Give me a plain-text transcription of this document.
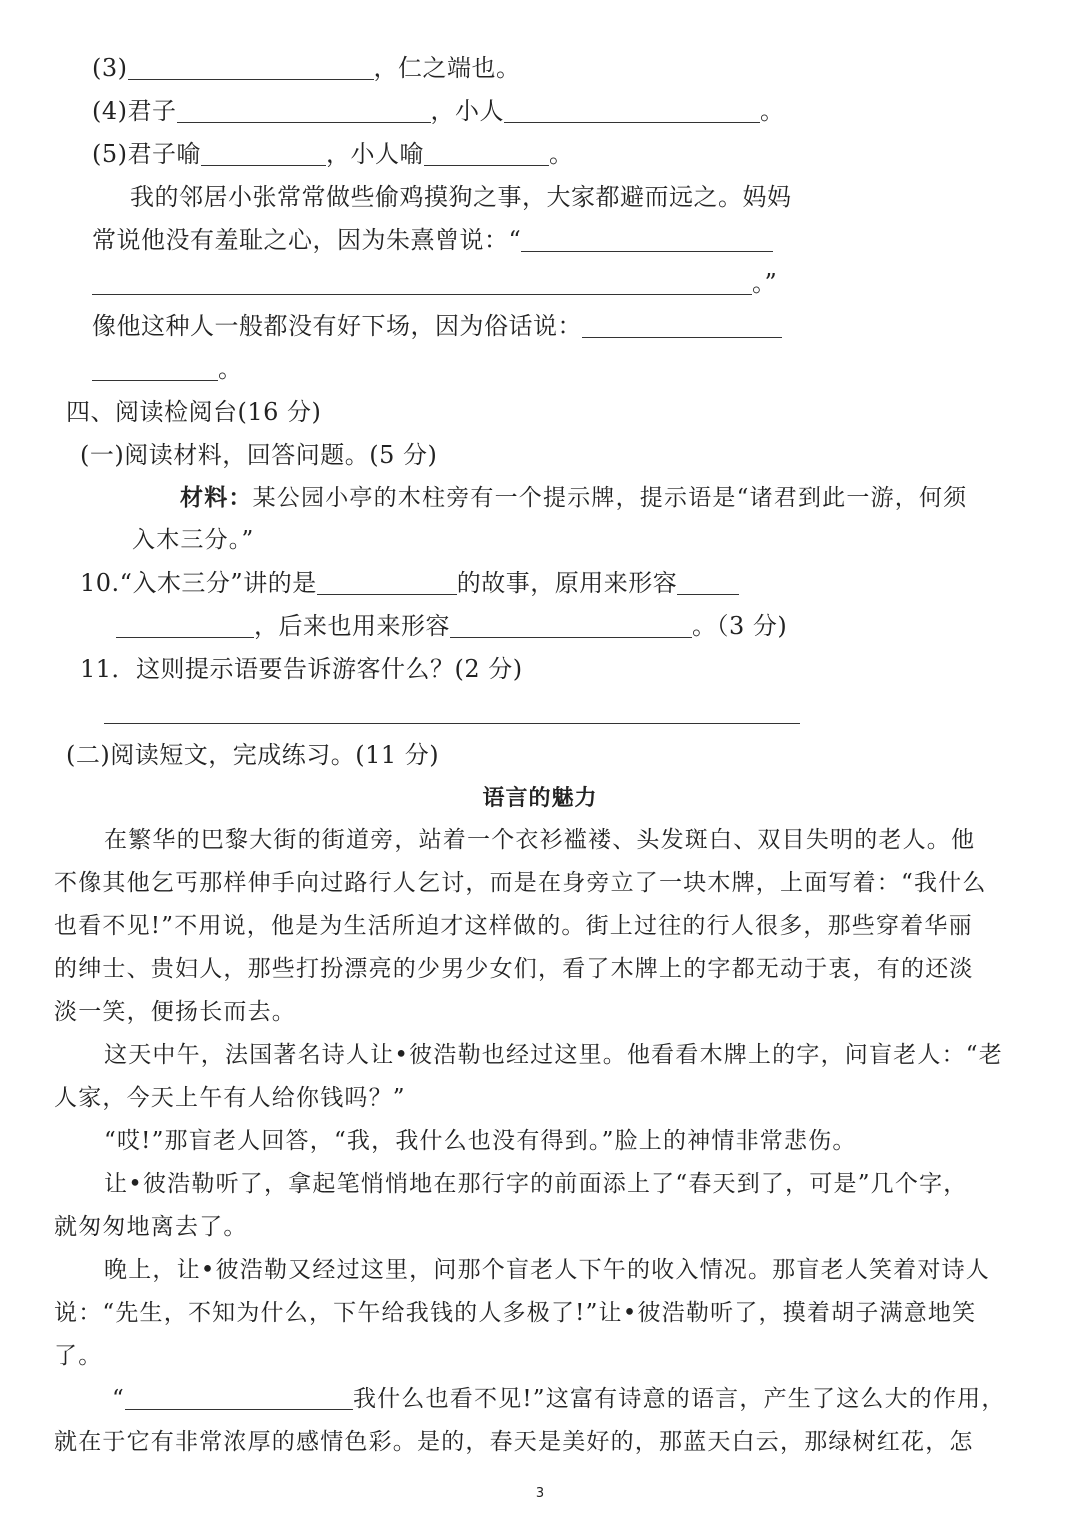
(3)	，仁之端也。
(4)君子	，小人	。
(5)君子喻	，小人喻	。
我的邻居小张常常做些偷鸡摸狗之事，大家都避而远之。妈妈
常说他没有羞耻之心，因为朱熹曾说：“
。”
像他这种人一般都没有好下场，因为俗话说：
。
四、阅读检阅台(16 分)
(一)阅读材料，回答问题。(5 分)
材料：某公园小亭的木柱旁有一个提示牌，提示语是“诸君到此一游，何须
入木三分。”
10.“入木三分”讲的是	的故事，原用来形容
，后来也用来形容	。（3 分)
11．这则提示语要告诉游客什么？(2 分)
(二)阅读短文，完成练习。(11 分)
语言的魅力
在繁华的巴黎大街的街道旁，站着一个衣衫褴褛、头发斑白、双目失明的老人。他
不像其他乞丐那样伸手向过路行人乞讨，而是在身旁立了一块木牌，上面写着：“我什么
也看不见!”不用说，他是为生活所迫才这样做的。街上过往的行人很多，那些穿着华丽
的绅士、贵妇人，那些打扮漂亮的少男少女们，看了木牌上的字都无动于衷，有的还淡
淡一笑，便扬长而去。
这天中午，法国著名诗人让•彼浩勒也经过这里。他看看木牌上的字，问盲老人：“老
人家，今天上午有人给你钱吗？”
“哎!”那盲老人回答，“我，我什么也没有得到。”脸上的神情非常悲伤。
让•彼浩勒听了，拿起笔悄悄地在那行字的前面添上了“春天到了，可是”几个字，
就匆匆地离去了。
晚上，让•彼浩勒又经过这里，问那个盲老人下午的收入情况。那盲老人笑着对诗人
说：“先生，不知为什么，下午给我钱的人多极了!”让•彼浩勒听了，摸着胡子满意地笑
了。
“	我什么也看不见!”这富有诗意的语言，产生了这么大的作用，
就在于它有非常浓厚的感情色彩。是的，春天是美好的，那蓝天白云，那绿树红花，怎
3
